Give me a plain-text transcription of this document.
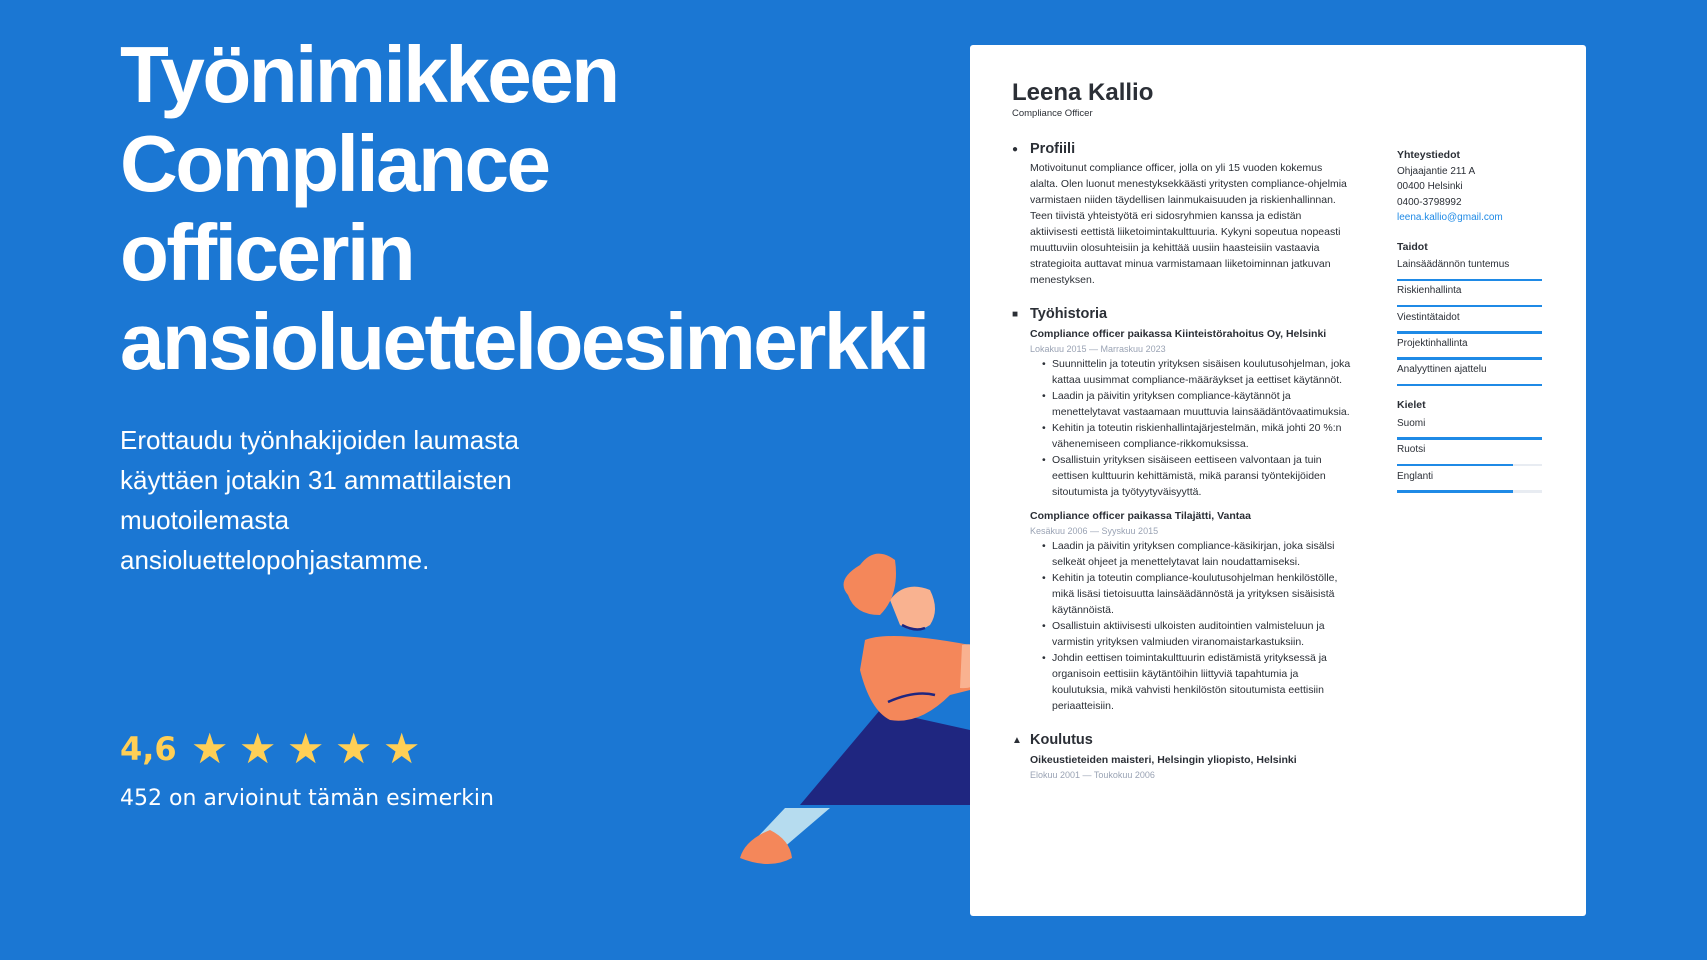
Työnimikkeen
Compliance
officerin
ansioluetteloesimerkki
Erottaudu työnhakijoiden laumasta käyttäen jotakin 31 ammattilaisten muotoilemasta ansioluettelopohjastamme.
4,6 ★ ★ ★ ★ ★
452 on arvioinut tämän esimerkin
Leena Kallio
Compliance Officer
● Profiili
Motivoitunut compliance officer, jolla on yli 15 vuoden kokemus alalta. Olen luonut menestyksekkäästi yritysten compliance-ohjelmia varmistaen niiden täydellisen lainmukaisuuden ja riskienhallinnan. Teen tiivistä yhteistyötä eri sidosryhmien kanssa ja edistän aktiivisesti eettistä liiketoimintakulttuuria. Kykyni sopeutua nopeasti muuttuviin olosuhteisiin ja kehittää uusiin haasteisiin vastaavia strategioita auttavat minua varmistamaan liiketoiminnan jatkuvan menestyksen.
■ Työhistoria
Compliance officer paikassa Kiinteistörahoitus Oy, Helsinki
Lokakuu 2015 — Marraskuu 2023
• Suunnittelin ja toteutin yrityksen sisäisen koulutusohjelman, joka kattaa uusimmat compliance-määräykset ja eettiset käytännöt.
• Laadin ja päivitin yrityksen compliance-käytännöt ja menettelytavat vastaamaan muuttuvia lainsäädäntövaatimuksia.
• Kehitin ja toteutin riskienhallintajärjestelmän, mikä johti 20 %:n vähenemiseen compliance-rikkomuksissa.
• Osallistuin yrityksen sisäiseen eettiseen valvontaan ja tuin eettisen kulttuurin kehittämistä, mikä paransi työntekijöiden sitoutumista ja työtyytyväisyyttä.
Compliance officer paikassa Tilajätti, Vantaa
Kesäkuu 2006 — Syyskuu 2015
• Laadin ja päivitin yrityksen compliance-käsikirjan, joka sisälsi selkeät ohjeet ja menettelytavat lain noudattamiseksi.
• Kehitin ja toteutin compliance-koulutusohjelman henkilöstölle, mikä lisäsi tietoisuutta lainsäädännöstä ja yrityksen sisäisistä käytännöistä.
• Osallistuin aktiivisesti ulkoisten auditointien valmisteluun ja varmistin yrityksen valmiuden viranomaistarkastuksiin.
• Johdin eettisen toimintakulttuurin edistämistä yrityksessä ja organisoin eettisiin käytäntöihin liittyviä tapahtumia ja koulutuksia, mikä vahvisti henkilöstön sitoutumista eettisiin periaatteisiin.
▲ Koulutus
Oikeustieteiden maisteri, Helsingin yliopisto, Helsinki
Elokuu 2001 — Toukokuu 2006
Yhteystiedot
Ohjaajantie 211 A
00400 Helsinki
0400-3798992
leena.kallio@gmail.com
Taidot
Lainsäädännön tuntemus
Riskienhallinta
Viestintätaidot
Projektinhallinta
Analyyttinen ajattelu
Kielet
Suomi
Ruotsi
Englanti
